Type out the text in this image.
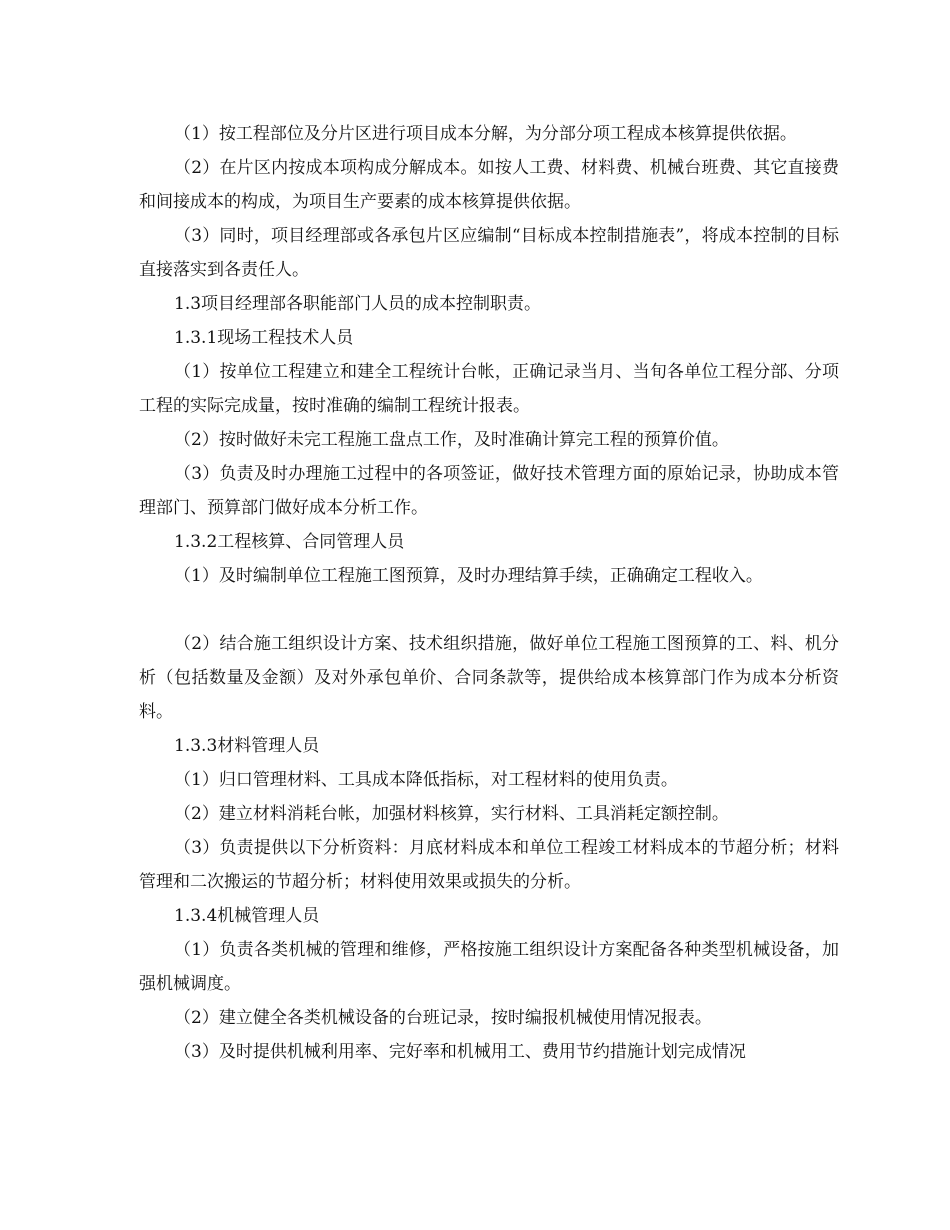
（1）按工程部位及分片区进行项目成本分解，为分部分项工程成本核算提供依据。

（2）在片区内按成本项构成分解成本。如按人工费、材料费、机械台班费、其它直接费和间接成本的构成，为项目生产要素的成本核算提供依据。

（3）同时，项目经理部或各承包片区应编制“目标成本控制措施表”，将成本控制的目标直接落实到各责任人。

1.3项目经理部各职能部门人员的成本控制职责。

1.3.1现场工程技术人员

（1）按单位工程建立和建全工程统计台帐，正确记录当月、当旬各单位工程分部、分项工程的实际完成量，按时准确的编制工程统计报表。

（2）按时做好未完工程施工盘点工作，及时准确计算完工程的预算价值。

（3）负责及时办理施工过程中的各项签证，做好技术管理方面的原始记录，协助成本管理部门、预算部门做好成本分析工作。

1.3.2工程核算、合同管理人员

（1）及时编制单位工程施工图预算，及时办理结算手续，正确确定工程收入。

（2）结合施工组织设计方案、技术组织措施，做好单位工程施工图预算的工、料、机分析（包括数量及金额）及对外承包单价、合同条款等，提供给成本核算部门作为成本分析资料。

1.3.3材料管理人员

（1）归口管理材料、工具成本降低指标，对工程材料的使用负责。

（2）建立材料消耗台帐，加强材料核算，实行材料、工具消耗定额控制。

（3）负责提供以下分析资料：月底材料成本和单位工程竣工材料成本的节超分析；材料管理和二次搬运的节超分析；材料使用效果或损失的分析。

1.3.4机械管理人员

（1）负责各类机械的管理和维修，严格按施工组织设计方案配备各种类型机械设备，加强机械调度。

（2）建立健全各类机械设备的台班记录，按时编报机械使用情况报表。

（3）及时提供机械利用率、完好率和机械用工、费用节约措施计划完成情况
